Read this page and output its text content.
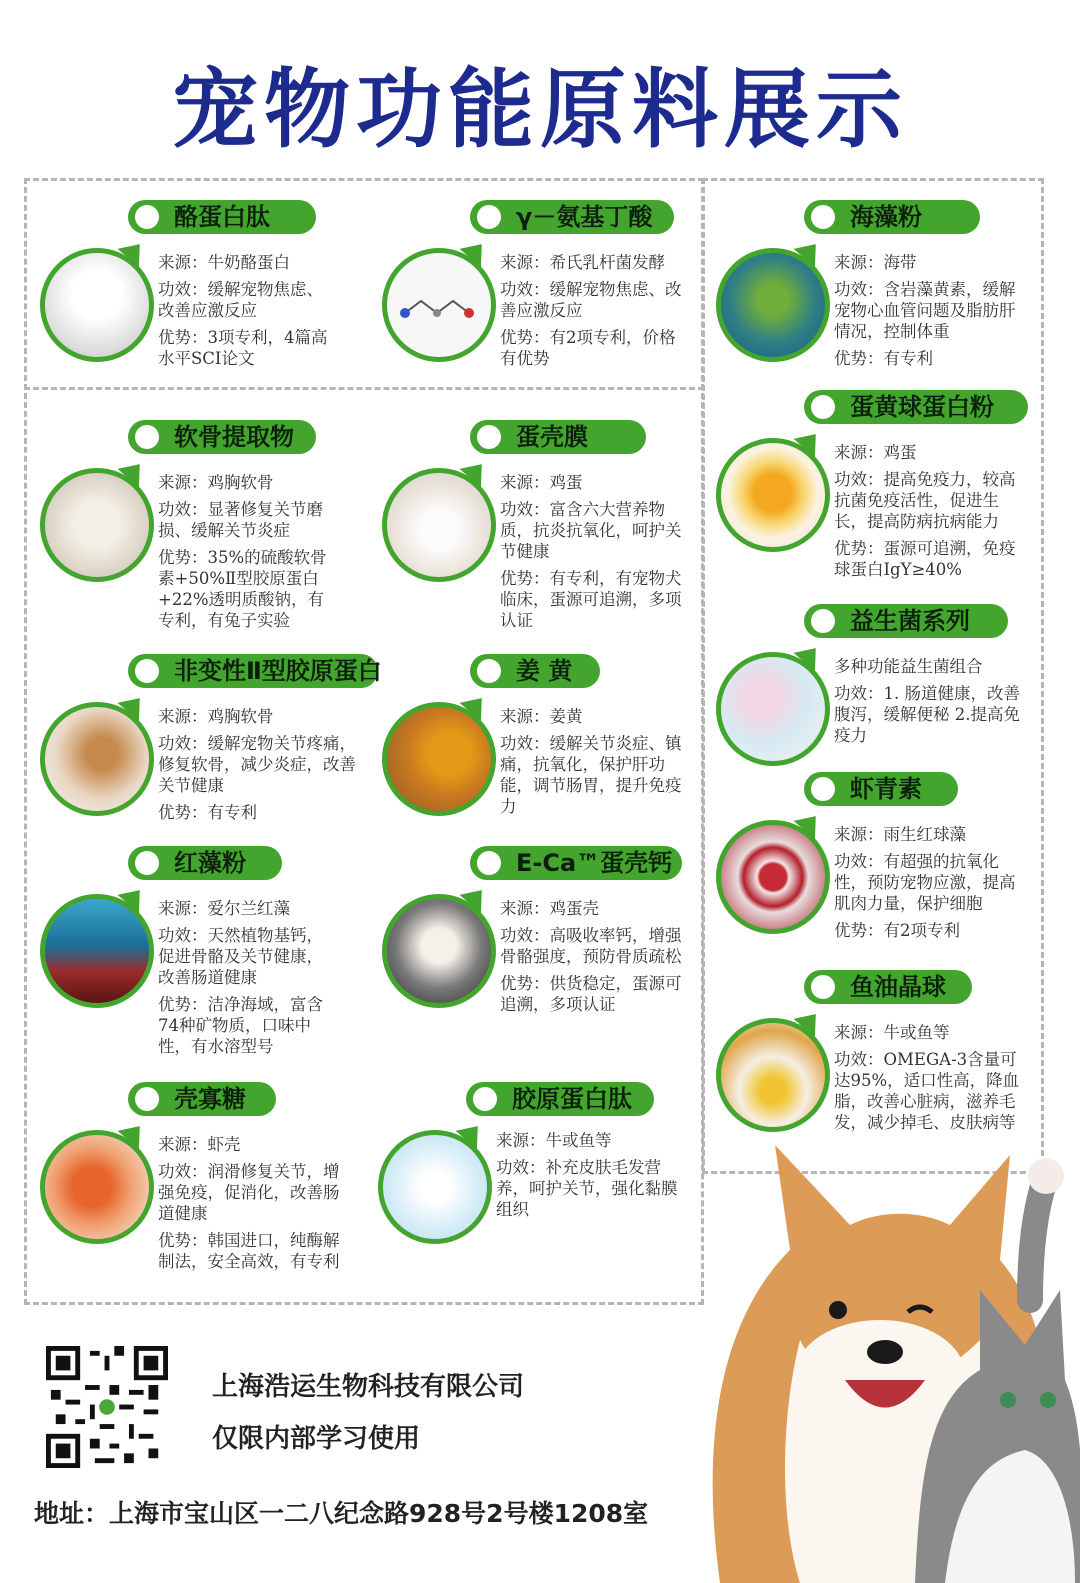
宠物功能原料展示
酪蛋白肽

来源：牛奶酪蛋白

功效：缓解宠物焦虑、改善应激反应

优势：3项专利，4篇高水平SCI论文

γ－氨基丁酸

来源：希氏乳杆菌发酵

功效：缓解宠物焦虑、改善应激反应

优势：有2项专利，价格有优势

海藻粉

来源：海带

功效：含岩藻黄素，缓解宠物心血管问题及脂肪肝情况，控制体重

优势：有专利

软骨提取物

来源：鸡胸软骨

功效：显著修复关节磨损、缓解关节炎症

优势：35%的硫酸软骨素+50%Ⅱ型胶原蛋白+22%透明质酸钠，有专利，有兔子实验

蛋壳膜

来源：鸡蛋

功效：富含六大营养物质，抗炎抗氧化，呵护关节健康

优势：有专利，有宠物犬临床，蛋源可追溯，多项认证

蛋黄球蛋白粉

来源：鸡蛋

功效：提高免疫力，较高抗菌免疫活性，促进生长，提高防病抗病能力

优势：蛋源可追溯，免疫球蛋白IgY≥40%

非变性Ⅱ型胶原蛋白

来源：鸡胸软骨

功效：缓解宠物关节疼痛，修复软骨，减少炎症，改善关节健康

优势：有专利

姜 黄

来源：姜黄

功效：缓解关节炎症、镇痛，抗氧化，保护肝功能，调节肠胃，提升免疫力

益生菌系列

多种功能益生菌组合

功效：1. 肠道健康，改善腹泻，缓解便秘 2.提高免疫力

红藻粉

来源：爱尔兰红藻

功效：天然植物基钙，促进骨骼及关节健康，改善肠道健康

优势：洁净海域，富含74种矿物质，口味中性，有水溶型号

E-Ca™蛋壳钙

来源：鸡蛋壳

功效：高吸收率钙，增强骨骼强度，预防骨质疏松

优势：供货稳定，蛋源可追溯，多项认证

虾青素

来源：雨生红球藻

功效：有超强的抗氧化性，预防宠物应激，提高肌肉力量，保护细胞

优势：有2项专利

鱼油晶球

来源：牛或鱼等

功效：OMEGA-3含量可达95%，适口性高，降血脂，改善心脏病，滋养毛发，减少掉毛、皮肤病等

壳寡糖

来源：虾壳

功效：润滑修复关节，增强免疫，促消化，改善肠道健康

优势：韩国进口，纯酶解制法，安全高效，有专利

胶原蛋白肽

来源：牛或鱼等

功效：补充皮肤毛发营养，呵护关节，强化黏膜组织

上海浩运生物科技有限公司
仅限内部学习使用
地址：上海市宝山区一二八纪念路928号2号楼1208室
